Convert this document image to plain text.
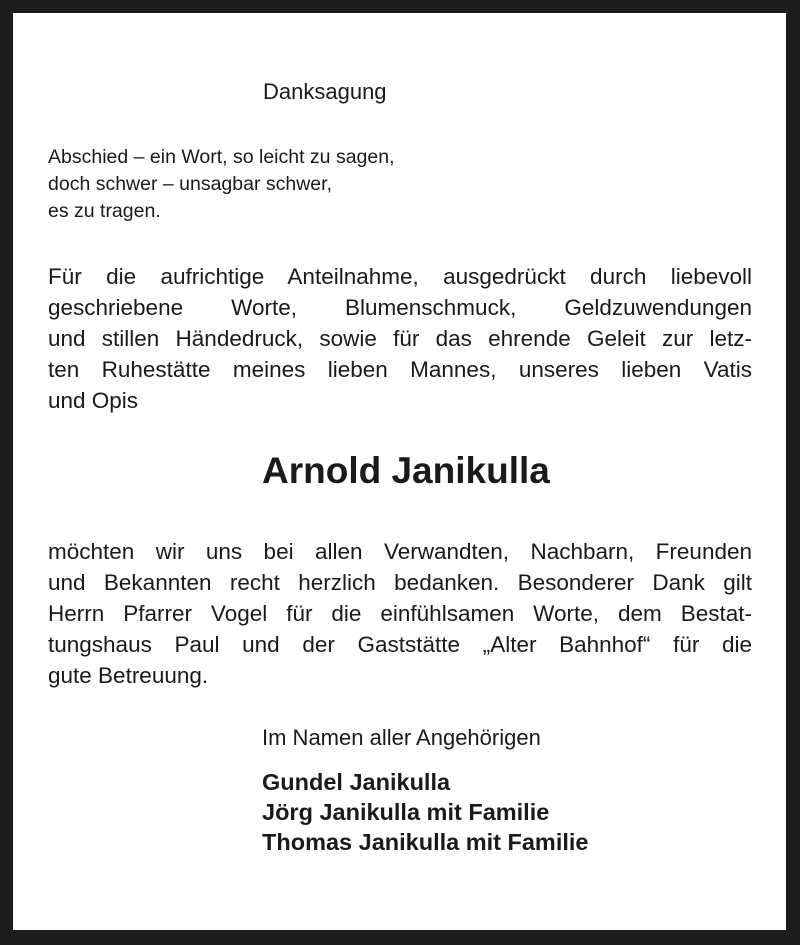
Danksagung
Abschied – ein Wort, so leicht zu sagen,
doch schwer – unsagbar schwer,
es zu tragen.
Für die aufrichtige Anteilnahme, ausgedrückt durch liebevoll
geschriebene Worte, Blumenschmuck, Geldzuwendungen
und stillen Händedruck, sowie für das ehrende Geleit zur letz-
ten Ruhestätte meines lieben Mannes, unseres lieben Vatis
und Opis
Arnold Janikulla
möchten wir uns bei allen Verwandten, Nachbarn, Freunden
und Bekannten recht herzlich bedanken. Besonderer Dank gilt
Herrn Pfarrer Vogel für die einfühlsamen Worte, dem Bestat-
tungshaus Paul und der Gaststätte „Alter Bahnhof“ für die
gute Betreuung.
Im Namen aller Angehörigen
Gundel Janikulla
Jörg Janikulla mit Familie
Thomas Janikulla mit Familie
